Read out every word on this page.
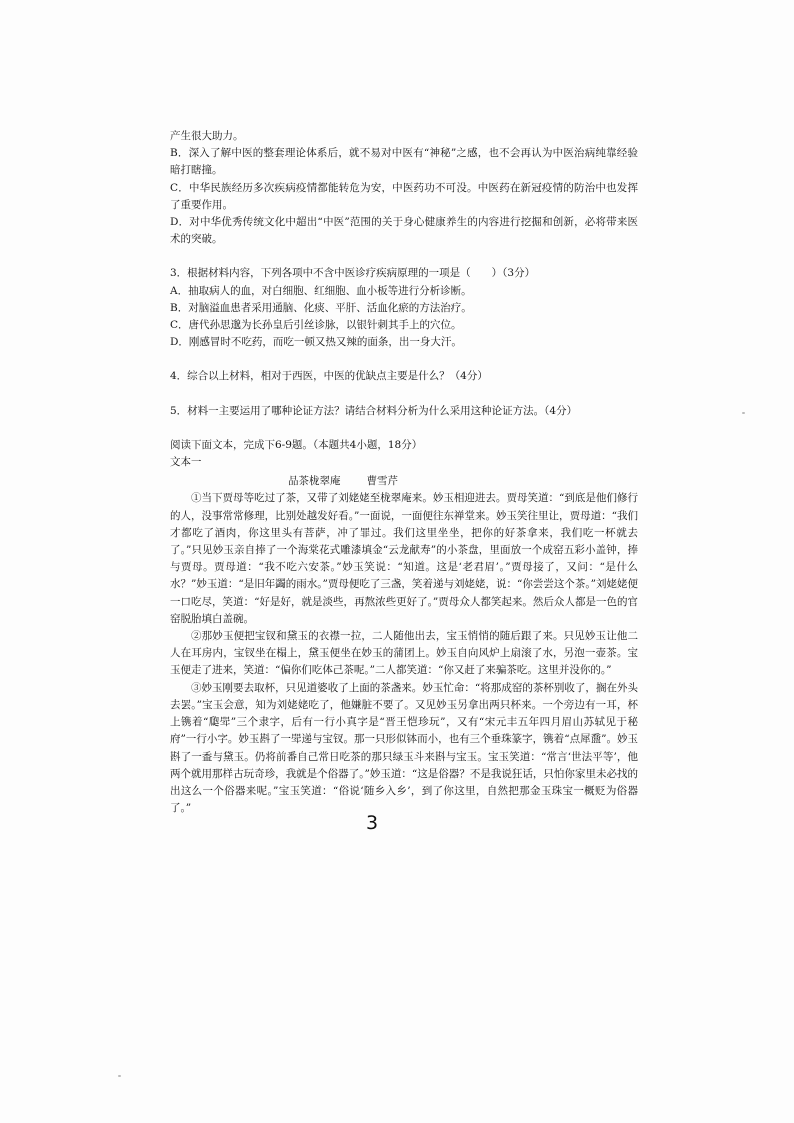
产生很大助力。

B．深入了解中医的整套理论体系后，就不易对中医有“神秘”之感，也不会再认为中医治病纯靠经验暗打瞎撞。

C．中华民族经历多次疾病疫情都能转危为安，中医药功不可没。中医药在新冠疫情的防治中也发挥了重要作用。

D．对中华优秀传统文化中超出“中医”范围的关于身心健康养生的内容进行挖掘和创新，必将带来医术的突破。

3．根据材料内容，下列各项中不含中医诊疗疾病原理的一项是（　　）（3分）

A．抽取病人的血，对白细胞、红细胞、血小板等进行分析诊断。

B．对脑溢血患者采用通脑、化痰、平肝、活血化瘀的方法治疗。

C．唐代孙思邈为长孙皇后引丝诊脉，以银针刺其手上的穴位。

D．刚感冒时不吃药，而吃一顿又热又辣的面条，出一身大汗。

4．综合以上材料，相对于西医，中医的优缺点主要是什么？（4分）

5．材料一主要运用了哪种论证方法？请结合材料分析为什么采用这种论证方法。（4分）

阅读下面文本，完成下6-9题。（本题共4小题，18分）

文本一

品茶栊翠庵 曹雪芹

①当下贾母等吃过了茶，又带了刘姥姥至栊翠庵来。妙玉相迎进去。贾母笑道：“到底是他们修行的人，没事常常修理，比别处越发好看。”一面说，一面便往东禅堂来。妙玉笑往里让，贾母道：“我们才都吃了酒肉，你这里头有菩萨，冲了罪过。我们这里坐坐，把你的好茶拿来，我们吃一杯就去了。”只见妙玉亲自捧了一个海棠花式雕漆填金“云龙献寿”的小茶盘，里面放一个成窑五彩小盖钟，捧与贾母。贾母道：“我不吃六安茶。”妙玉笑说：“知道。这是‘老君眉’。”贾母接了，又问：“是什么水？”妙玉道：“是旧年蠲的雨水。”贾母便吃了三盏，笑着递与刘姥姥，说：“你尝尝这个茶。”刘姥姥便一口吃尽，笑道：“好是好，就是淡些，再熬浓些更好了。”贾母众人都笑起来。然后众人都是一色的官窑脱胎填白盖碗。

②那妙玉便把宝钗和黛玉的衣襟一拉，二人随他出去，宝玉悄悄的随后跟了来。只见妙玉让他二人在耳房内，宝钗坐在榻上，黛玉便坐在妙玉的蒲团上。妙玉自向风炉上扇滚了水，另泡一壶茶。宝玉便走了进来，笑道：“偏你们吃体己茶呢。”二人都笑道：“你又赶了来骗茶吃。这里并没你的。”

③妙玉刚要去取杯，只见道婆收了上面的茶盏来。妙玉忙命：“将那成窑的茶杯别收了，搁在外头去罢。”宝玉会意，知为刘姥姥吃了，他嫌脏不要了。又见妙玉另拿出两只杯来。一个旁边有一耳，杯上镌着“瓟斝”三个隶字，后有一行小真字是“晋王恺珍玩”，又有“宋元丰五年四月眉山苏轼见于秘府”一行小字。妙玉斟了一斝递与宝钗。那一只形似钵而小，也有三个垂珠篆字，镌着“点犀䀉”。妙玉斟了一盉与黛玉。仍将前番自己常日吃茶的那只绿玉斗来斟与宝玉。宝玉笑道：“常言‘世法平等’，他两个就用那样古玩奇珍，我就是个俗器了。”妙玉道：“这是俗器？不是我说狂话，只怕你家里未必找的出这么一个俗器来呢。”宝玉笑道：“俗说‘随乡入乡’，到了你这里，自然把那金玉珠宝一概贬为俗器了。”

3
